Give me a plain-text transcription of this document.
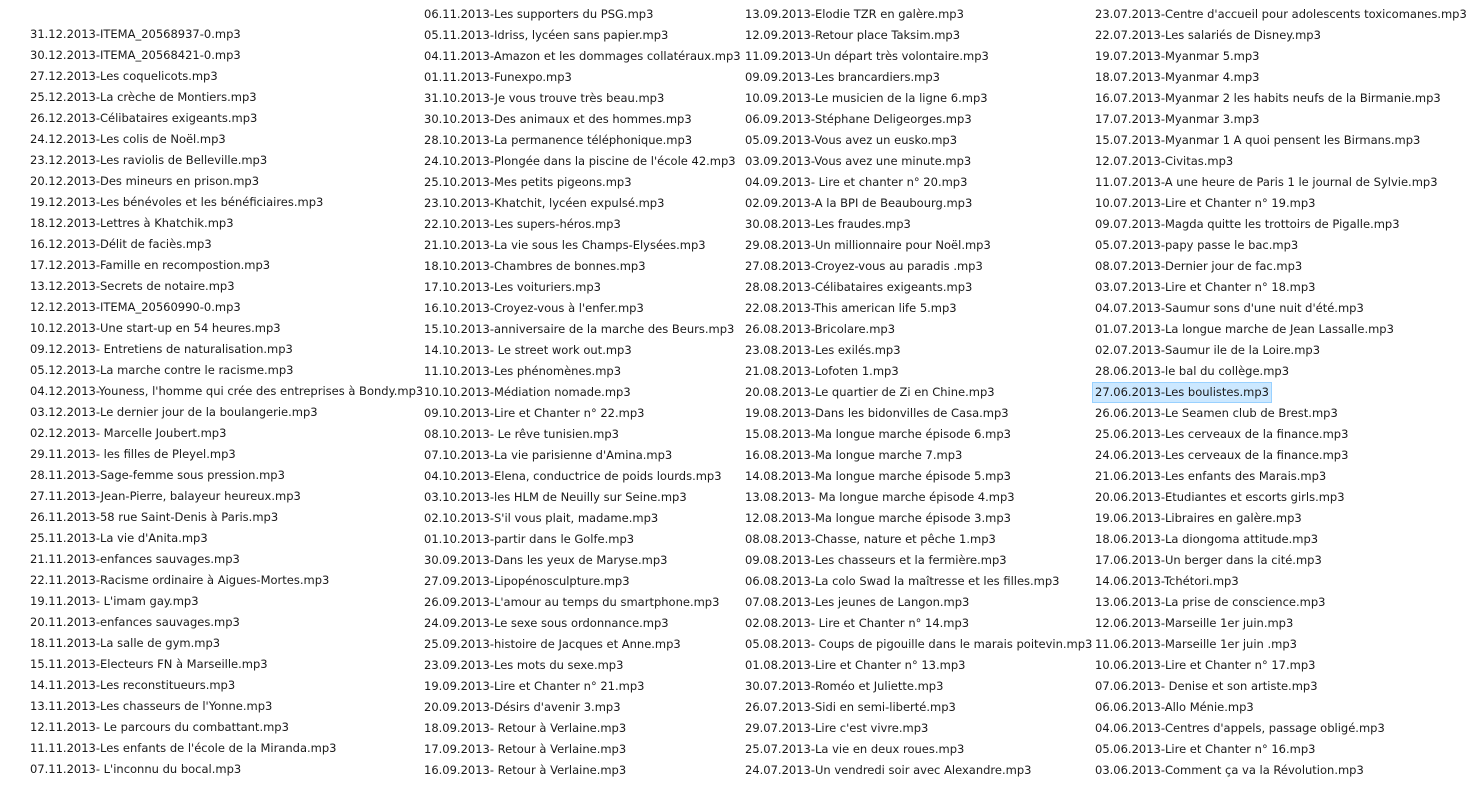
31.12.2013-ITEMA_20568937-0.mp3
30.12.2013-ITEMA_20568421-0.mp3
27.12.2013-Les coquelicots.mp3
25.12.2013-La crèche de Montiers.mp3
26.12.2013-Célibataires exigeants.mp3
24.12.2013-Les colis de Noël.mp3
23.12.2013-Les raviolis de Belleville.mp3
20.12.2013-Des mineurs en prison.mp3
19.12.2013-Les bénévoles et les bénéficiaires.mp3
18.12.2013-Lettres à Khatchik.mp3
16.12.2013-Délit de faciès.mp3
17.12.2013-Famille en recompostion.mp3
13.12.2013-Secrets de notaire.mp3
12.12.2013-ITEMA_20560990-0.mp3
10.12.2013-Une start-up en 54 heures.mp3
09.12.2013- Entretiens de naturalisation.mp3
05.12.2013-La marche contre le racisme.mp3
04.12.2013-Youness, l'homme qui crée des entreprises à Bondy.mp3
03.12.2013-Le dernier jour de la boulangerie.mp3
02.12.2013- Marcelle Joubert.mp3
29.11.2013- les filles de Pleyel.mp3
28.11.2013-Sage-femme sous pression.mp3
27.11.2013-Jean-Pierre, balayeur heureux.mp3
26.11.2013-58 rue Saint-Denis à Paris.mp3
25.11.2013-La vie d'Anita.mp3
21.11.2013-enfances sauvages.mp3
22.11.2013-Racisme ordinaire à Aigues-Mortes.mp3
19.11.2013- L'imam gay.mp3
20.11.2013-enfances sauvages.mp3
18.11.2013-La salle de gym.mp3
15.11.2013-Electeurs FN à Marseille.mp3
14.11.2013-Les reconstitueurs.mp3
13.11.2013-Les chasseurs de l'Yonne.mp3
12.11.2013- Le parcours du combattant.mp3
11.11.2013-Les enfants de l'école de la Miranda.mp3
07.11.2013- L'inconnu du bocal.mp3
06.11.2013-Les supporters du PSG.mp3
05.11.2013-Idriss, lycéen sans papier.mp3
04.11.2013-Amazon et les dommages collatéraux.mp3
01.11.2013-Funexpo.mp3
31.10.2013-Je vous trouve très beau.mp3
30.10.2013-Des animaux et des hommes.mp3
28.10.2013-La permanence téléphonique.mp3
24.10.2013-Plongée dans la piscine de l'école 42.mp3
25.10.2013-Mes petits pigeons.mp3
23.10.2013-Khatchit, lycéen expulsé.mp3
22.10.2013-Les supers-héros.mp3
21.10.2013-La vie sous les Champs-Elysées.mp3
18.10.2013-Chambres de bonnes.mp3
17.10.2013-Les voituriers.mp3
16.10.2013-Croyez-vous à l'enfer.mp3
15.10.2013-anniversaire de la marche des Beurs.mp3
14.10.2013- Le street work out.mp3
11.10.2013-Les phénomènes.mp3
10.10.2013-Médiation nomade.mp3
09.10.2013-Lire et Chanter n° 22.mp3
08.10.2013- Le rêve tunisien.mp3
07.10.2013-La vie parisienne d'Amina.mp3
04.10.2013-Elena, conductrice de poids lourds.mp3
03.10.2013-les HLM de Neuilly sur Seine.mp3
02.10.2013-S'il vous plait, madame.mp3
01.10.2013-partir dans le Golfe.mp3
30.09.2013-Dans les yeux de Maryse.mp3
27.09.2013-Lipopénosculpture.mp3
26.09.2013-L'amour au temps du smartphone.mp3
24.09.2013-Le sexe sous ordonnance.mp3
25.09.2013-histoire de Jacques et Anne.mp3
23.09.2013-Les mots du sexe.mp3
19.09.2013-Lire et Chanter n° 21.mp3
20.09.2013-Désirs d'avenir 3.mp3
18.09.2013- Retour à Verlaine.mp3
17.09.2013- Retour à Verlaine.mp3
16.09.2013- Retour à Verlaine.mp3
13.09.2013-Elodie TZR en galère.mp3
12.09.2013-Retour place Taksim.mp3
11.09.2013-Un départ très volontaire.mp3
09.09.2013-Les brancardiers.mp3
10.09.2013-Le musicien de la ligne 6.mp3
06.09.2013-Stéphane Deligeorges.mp3
05.09.2013-Vous avez un eusko.mp3
03.09.2013-Vous avez une minute.mp3
04.09.2013- Lire et chanter n° 20.mp3
02.09.2013-A la BPI de Beaubourg.mp3
30.08.2013-Les fraudes.mp3
29.08.2013-Un millionnaire pour Noël.mp3
27.08.2013-Croyez-vous au paradis .mp3
28.08.2013-Célibataires exigeants.mp3
22.08.2013-This american life 5.mp3
26.08.2013-Bricolare.mp3
23.08.2013-Les exilés.mp3
21.08.2013-Lofoten 1.mp3
20.08.2013-Le quartier de Zi en Chine.mp3
19.08.2013-Dans les bidonvilles de Casa.mp3
15.08.2013-Ma longue marche épisode 6.mp3
16.08.2013-Ma longue marche 7.mp3
14.08.2013-Ma longue marche épisode 5.mp3
13.08.2013- Ma longue marche épisode 4.mp3
12.08.2013-Ma longue marche épisode 3.mp3
08.08.2013-Chasse, nature et pêche 1.mp3
09.08.2013-Les chasseurs et la fermière.mp3
06.08.2013-La colo Swad la maîtresse et les filles.mp3
07.08.2013-Les jeunes de Langon.mp3
02.08.2013- Lire et Chanter n° 14.mp3
05.08.2013- Coups de pigouille dans le marais poitevin.mp3
01.08.2013-Lire et Chanter n° 13.mp3
30.07.2013-Roméo et Juliette.mp3
26.07.2013-Sidi en semi-liberté.mp3
29.07.2013-Lire c'est vivre.mp3
25.07.2013-La vie en deux roues.mp3
24.07.2013-Un vendredi soir avec Alexandre.mp3
23.07.2013-Centre d'accueil pour adolescents toxicomanes.mp3
22.07.2013-Les salariés de Disney.mp3
19.07.2013-Myanmar 5.mp3
18.07.2013-Myanmar 4.mp3
16.07.2013-Myanmar 2 les habits neufs de la Birmanie.mp3
17.07.2013-Myanmar 3.mp3
15.07.2013-Myanmar 1 A quoi pensent les Birmans.mp3
12.07.2013-Civitas.mp3
11.07.2013-A une heure de Paris 1 le journal de Sylvie.mp3
10.07.2013-Lire et Chanter n° 19.mp3
09.07.2013-Magda quitte les trottoirs de Pigalle.mp3
05.07.2013-papy passe le bac.mp3
08.07.2013-Dernier jour de fac.mp3
03.07.2013-Lire et Chanter n° 18.mp3
04.07.2013-Saumur sons d'une nuit d'été.mp3
01.07.2013-La longue marche de Jean Lassalle.mp3
02.07.2013-Saumur ile de la Loire.mp3
28.06.2013-le bal du collège.mp3
27.06.2013-Les boulistes.mp3
26.06.2013-Le Seamen club de Brest.mp3
25.06.2013-Les cerveaux de la finance.mp3
24.06.2013-Les cerveaux de la finance.mp3
21.06.2013-Les enfants des Marais.mp3
20.06.2013-Etudiantes et escorts girls.mp3
19.06.2013-Libraires en galère.mp3
18.06.2013-La diongoma attitude.mp3
17.06.2013-Un berger dans la cité.mp3
14.06.2013-Tchétori.mp3
13.06.2013-La prise de conscience.mp3
12.06.2013-Marseille 1er juin.mp3
11.06.2013-Marseille 1er juin .mp3
10.06.2013-Lire et Chanter n° 17.mp3
07.06.2013- Denise et son artiste.mp3
06.06.2013-Allo Ménie.mp3
04.06.2013-Centres d'appels, passage obligé.mp3
05.06.2013-Lire et Chanter n° 16.mp3
03.06.2013-Comment ça va la Révolution.mp3
